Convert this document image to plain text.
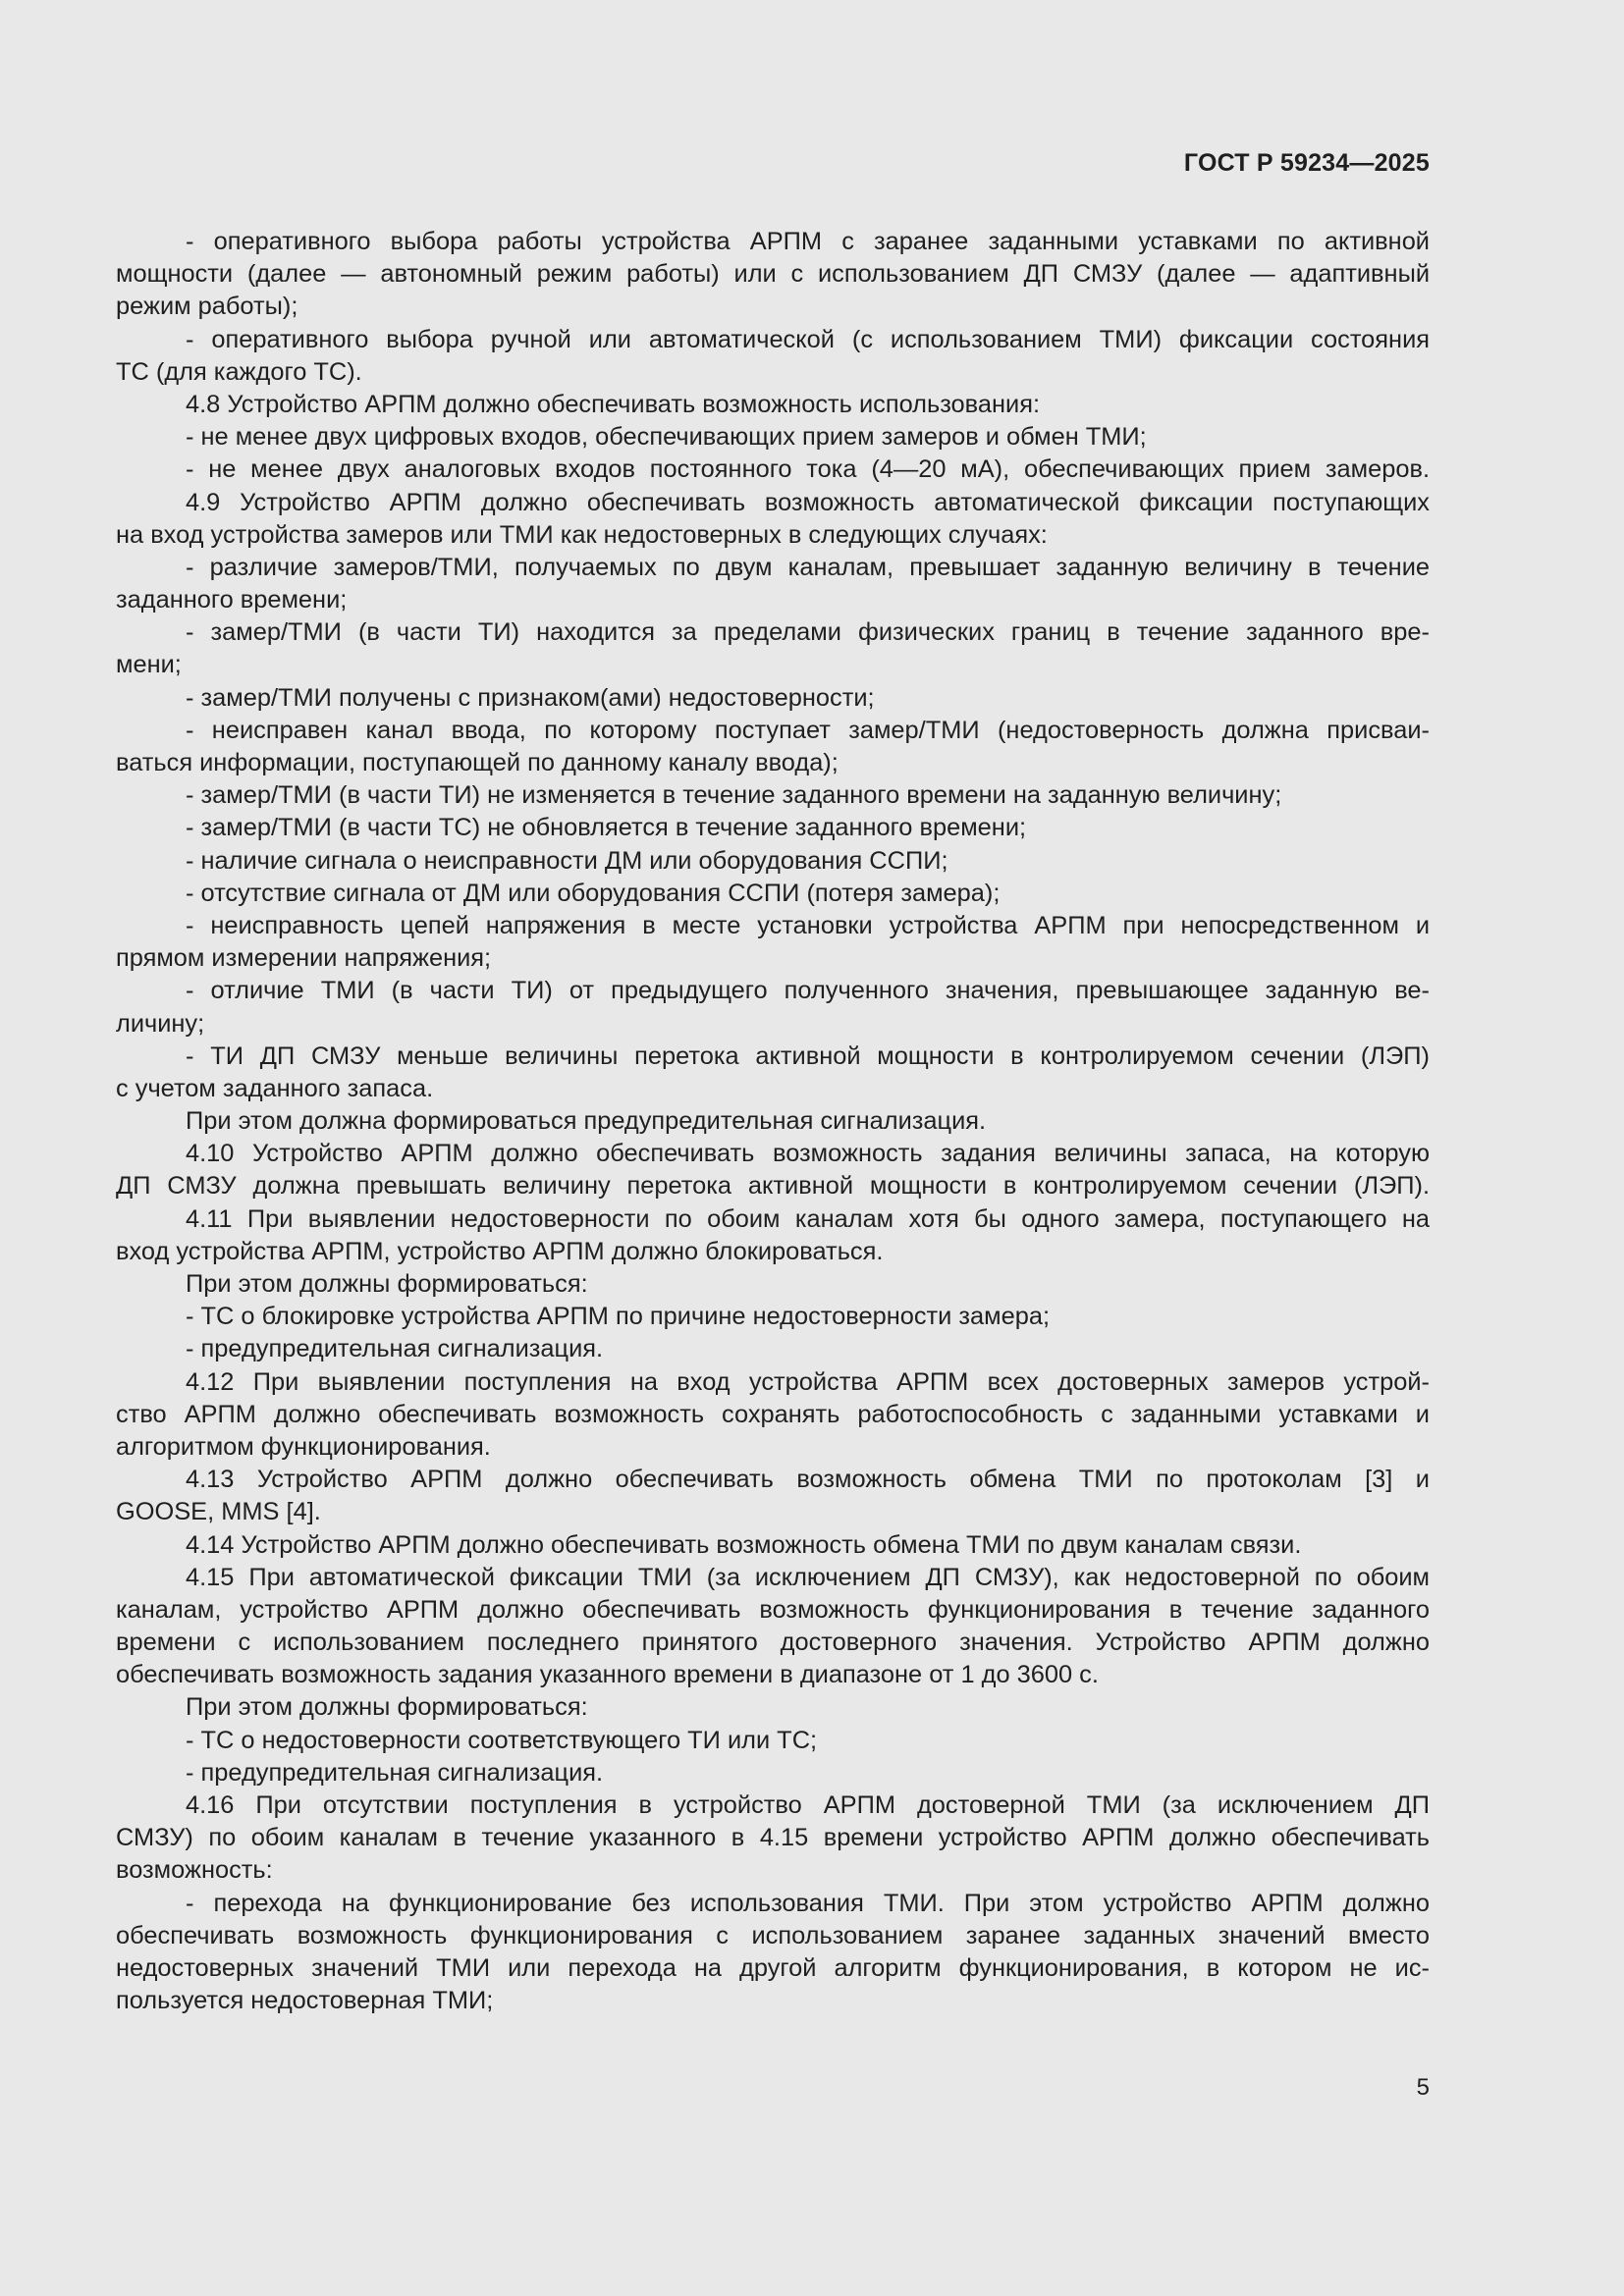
ГОСТ Р 59234—2025
- оперативного выбора работы устройства АРПМ с заранее заданными уставками по активной
мощности (далее — автономный режим работы) или с использованием ДП СМЗУ (далее — адаптивный
режим работы);
- оперативного выбора ручной или автоматической (с использованием ТМИ) фиксации состояния
ТС (для каждого ТС).
4.8 Устройство АРПМ должно обеспечивать возможность использования:
- не менее двух цифровых входов, обеспечивающих прием замеров и обмен ТМИ;
- не менее двух аналоговых входов постоянного тока (4—20 мА), обеспечивающих прием замеров.
4.9 Устройство АРПМ должно обеспечивать возможность автоматической фиксации поступающих
на вход устройства замеров или ТМИ как недостоверных в следующих случаях:
- различие замеров/ТМИ, получаемых по двум каналам, превышает заданную величину в течение
заданного времени;
- замер/ТМИ (в части ТИ) находится за пределами физических границ в течение заданного вре-
мени;
- замер/ТМИ получены с признаком(ами) недостоверности;
- неисправен канал ввода, по которому поступает замер/ТМИ (недостоверность должна присваи-
ваться информации, поступающей по данному каналу ввода);
- замер/ТМИ (в части ТИ) не изменяется в течение заданного времени на заданную величину;
- замер/ТМИ (в части ТС) не обновляется в течение заданного времени;
- наличие сигнала о неисправности ДМ или оборудования ССПИ;
- отсутствие сигнала от ДМ или оборудования ССПИ (потеря замера);
- неисправность цепей напряжения в месте установки устройства АРПМ при непосредственном и
прямом измерении напряжения;
- отличие ТМИ (в части ТИ) от предыдущего полученного значения, превышающее заданную ве-
личину;
- ТИ ДП СМЗУ меньше величины перетока активной мощности в контролируемом сечении (ЛЭП)
с учетом заданного запаса.
При этом должна формироваться предупредительная сигнализация.
4.10 Устройство АРПМ должно обеспечивать возможность задания величины запаса, на которую
ДП СМЗУ должна превышать величину перетока активной мощности в контролируемом сечении (ЛЭП).
4.11 При выявлении недостоверности по обоим каналам хотя бы одного замера, поступающего на
вход устройства АРПМ, устройство АРПМ должно блокироваться.
При этом должны формироваться:
- ТС о блокировке устройства АРПМ по причине недостоверности замера;
- предупредительная сигнализация.
4.12 При выявлении поступления на вход устройства АРПМ всех достоверных замеров устрой-
ство АРПМ должно обеспечивать возможность сохранять работоспособность с заданными уставками и
алгоритмом функционирования.
4.13 Устройство АРПМ должно обеспечивать возможность обмена ТМИ по протоколам [3] и
GOOSE, MMS [4].
4.14 Устройство АРПМ должно обеспечивать возможность обмена ТМИ по двум каналам связи.
4.15 При автоматической фиксации ТМИ (за исключением ДП СМЗУ), как недостоверной по обоим
каналам, устройство АРПМ должно обеспечивать возможность функционирования в течение заданного
времени с использованием последнего принятого достоверного значения. Устройство АРПМ должно
обеспечивать возможность задания указанного времени в диапазоне от 1 до 3600 с.
При этом должны формироваться:
- ТС о недостоверности соответствующего ТИ или ТС;
- предупредительная сигнализация.
4.16 При отсутствии поступления в устройство АРПМ достоверной ТМИ (за исключением ДП
СМЗУ) по обоим каналам в течение указанного в 4.15 времени устройство АРПМ должно обеспечивать
возможность:
- перехода на функционирование без использования ТМИ. При этом устройство АРПМ должно
обеспечивать возможность функционирования с использованием заранее заданных значений вместо
недостоверных значений ТМИ или перехода на другой алгоритм функционирования, в котором не ис-
пользуется недостоверная ТМИ;
5
